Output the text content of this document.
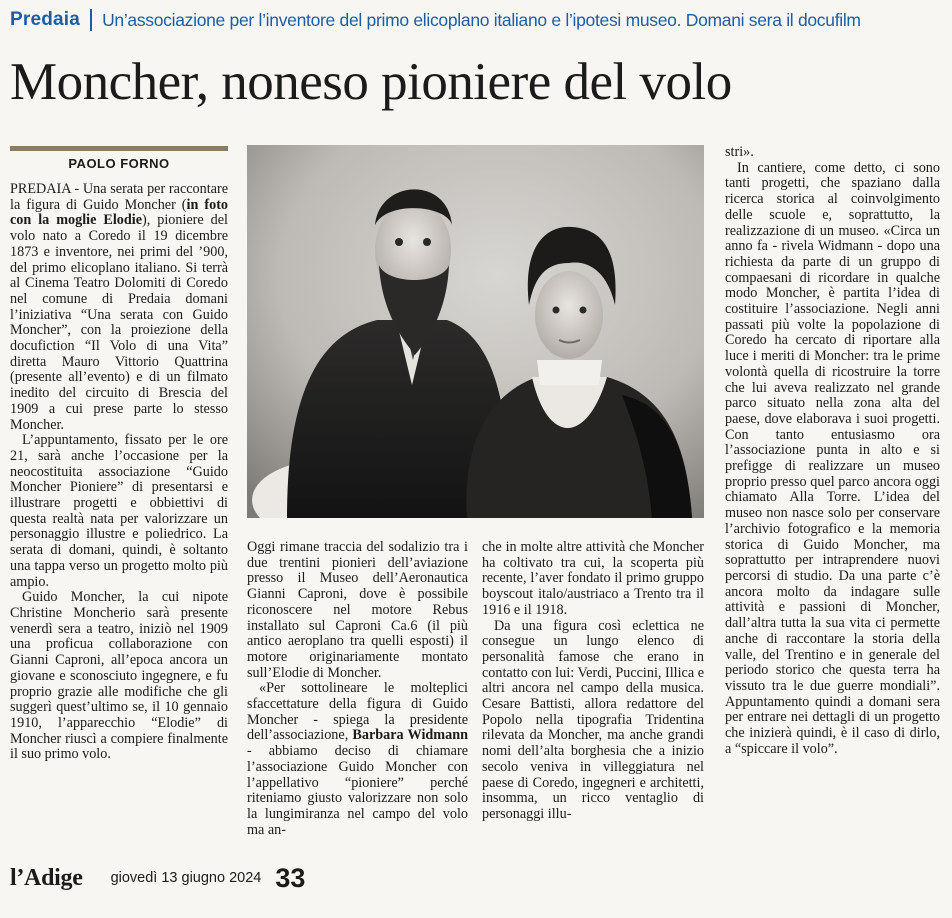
Predaia Un’associazione per l’inventore del primo elicoplano italiano e l’ipotesi museo. Domani sera il docufilm
Moncher, noneso pioniere del volo
PAOLO FORNO

PREDAIA - Una serata per raccontare la figura di Guido Moncher (in foto con la moglie Elodie), pioniere del volo nato a Coredo il 19 dicembre 1873 e inventore, nei primi del ’900, del primo elicoplano italiano. Si terrà al Cinema Teatro Dolomiti di Coredo nel comune di Predaia domani l’iniziativa “Una serata con Guido Moncher”, con la proiezione della docufiction “Il Volo di una Vita” diretta Mauro Vittorio Quattrina (presente all’evento) e di un filmato inedito del circuito di Brescia del 1909 a cui prese parte lo stesso Moncher.

L’appuntamento, fissato per le ore 21, sarà anche l’occasione per la neocostituita associazione “Guido Moncher Pioniere” di presentarsi e illustrare progetti e obbiettivi di questa realtà nata per valorizzare un personaggio illustre e poliedrico. La serata di domani, quindi, è soltanto una tappa verso un progetto molto più ampio.

Guido Moncher, la cui nipote Christine Moncherio sarà presente venerdì sera a teatro, iniziò nel 1909 una proficua collaborazione con Gianni Caproni, all’epoca ancora un giovane e sconosciuto ingegnere, e fu proprio grazie alle modifiche che gli suggerì quest’ultimo se, il 10 gennaio 1910, l’apparecchio “Elodie” di Moncher riuscì a compiere finalmente il suo primo volo.

Oggi rimane traccia del sodalizio tra i due trentini pionieri dell’aviazione presso il Museo dell’Aeronautica Gianni Caproni, dove è possibile riconoscere nel motore Rebus installato sul Caproni Ca.6 (il più antico aeroplano tra quelli esposti) il motore originariamente montato sull’Elodie di Moncher.

«Per sottolineare le molteplici sfaccettature della figura di Guido Moncher - spiega la presidente dell’associazione, Barbara Widmann - abbiamo deciso di chiamare l’associazione Guido Moncher con l’appellativo “pioniere” perché riteniamo giusto valorizzare non solo la lungimiranza nel campo del volo ma an-

che in molte altre attività che Moncher ha coltivato tra cui, la scoperta più recente, l’aver fondato il primo gruppo boyscout italo/austriaco a Trento tra il 1916 e il 1918.

Da una figura così eclettica ne consegue un lungo elenco di personalità famose che erano in contatto con lui: Verdi, Puccini, Illica e altri ancora nel campo della musica. Cesare Battisti, allora redattore del Popolo nella tipografia Tridentina rilevata da Moncher, ma anche grandi nomi dell’alta borghesia che a inizio secolo veniva in villeggiatura nel paese di Coredo, ingegneri e architetti, insomma, un ricco ventaglio di personaggi illu-

stri».

In cantiere, come detto, ci sono tanti progetti, che spaziano dalla ricerca storica al coinvolgimento delle scuole e, soprattutto, la realizzazione di un museo. «Circa un anno fa - rivela Widmann - dopo una richiesta da parte di un gruppo di compaesani di ricordare in qualche modo Moncher, è partita l’idea di costituire l’associazione. Negli anni passati più volte la popolazione di Coredo ha cercato di riportare alla luce i meriti di Moncher: tra le prime volontà quella di ricostruire la torre che lui aveva realizzato nel grande parco situato nella zona alta del paese, dove elaborava i suoi progetti. Con tanto entusiasmo ora l’associazione punta in alto e si prefigge di realizzare un museo proprio presso quel parco ancora oggi chiamato Alla Torre. L’idea del museo non nasce solo per conservare l’archivio fotografico e la memoria storica di Guido Moncher, ma soprattutto per intraprendere nuovi percorsi di studio. Da una parte c’è ancora molto da indagare sulle attività e passioni di Moncher, dall’altra tutta la sua vita ci permette anche di raccontare la storia della valle, del Trentino e in generale del periodo storico che questa terra ha vissuto tra le due guerre mondiali”. Appuntamento quindi a domani sera per entrare nei dettagli di un progetto che inizierà quindi, è il caso di dirlo, a “spiccare il volo”.

l’Adige giovedì 13 giugno 2024 33
